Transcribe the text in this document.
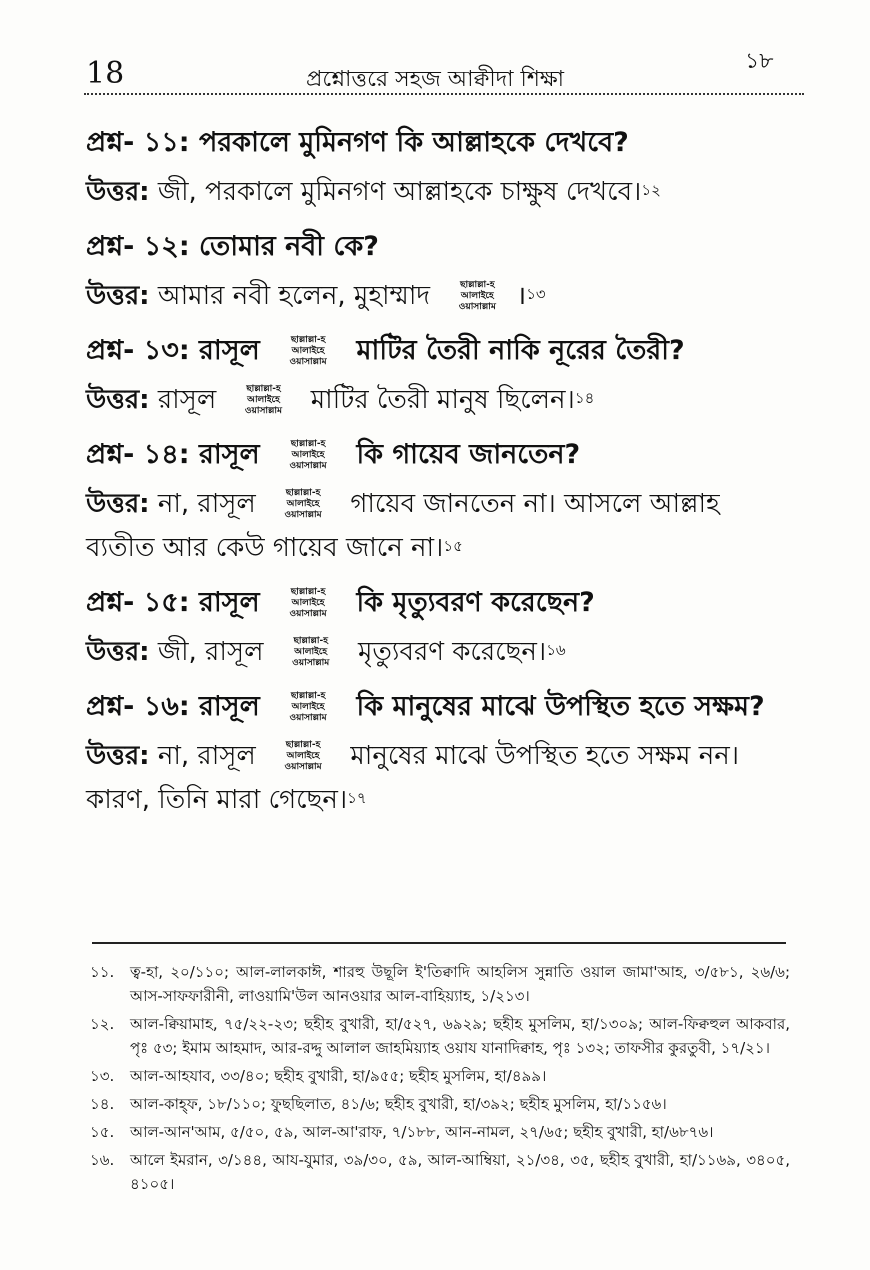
18	প্রশ্নোত্তরে সহজ আক্বীদা শিক্ষা
১৮

প্রশ্ন- ১১: পরকালে মুমিনগণ কি আল্লাহকে দেখবে?

উত্তর: জী, পরকালে মুমিনগণ আল্লাহকে চাক্ষুষ দেখবে।$^{১২}$

প্রশ্ন- ১২: তোমার নবী কে?

উত্তর: আমার নবী হলেন, মুহাম্মাদ	ছাল্লাল্লা-হ
আলাইহে
ওয়াসাল্লাম ।$^{১৩}$

প্রশ্ন- ১৩: রাসূল	ছাল্লাল্লা-হ
আলাইহে
ওয়াসাল্লাম মাটির তৈরী নাকি নূরের তৈরী?

উত্তর: রাসূল	ছাল্লাল্লা-হ
আলাইহে
ওয়াসাল্লাম মাটির তৈরী মানুষ ছিলেন।$^{১৪}$

প্রশ্ন- ১৪: রাসূল	ছাল্লাল্লা-হ
আলাইহে
ওয়াসাল্লাম কি গায়েব জানতেন?

উত্তর: না, রাসূল	ছাল্লাল্লা-হ
আলাইহে
ওয়াসাল্লাম গায়েব জানতেন না। আসলে আল্লাহ ব্যতীত আর কেউ গায়েব জানে না।$^{১৫}$

প্রশ্ন- ১৫: রাসূল	ছাল্লাল্লা-হ
আলাইহে
ওয়াসাল্লাম কি মৃত্যুবরণ করেছেন?

উত্তর: জী, রাসূল	ছাল্লাল্লা-হ
আলাইহে
ওয়াসাল্লাম মৃত্যুবরণ করেছেন।$^{১৬}$

প্রশ্ন- ১৬: রাসূল	ছাল্লাল্লা-হ
আলাইহে
ওয়াসাল্লাম কি মানুষের মাঝে উপস্থিত হতে সক্ষম?

উত্তর: না, রাসূল	ছাল্লাল্লা-হ
আলাইহে
ওয়াসাল্লাম মানুষের মাঝে উপস্থিত হতে সক্ষম নন। কারণ, তিনি মারা গেছেন।$^{১৭}$

১১.	ত্ব-হা, ২০/১১০; আল-লালকাঈ, শারহু উছূলি ই'তিক্বাদি আহলিস সুন্নাতি ওয়াল জামা'আহ, ৩/৫৮১, ২৬/৬; আস-সাফফারীনী, লাওয়ামি'উল আনওয়ার আল-বাহিয়্যাহ, ১/২১৩।
১২.	আল-ক্বিয়ামাহ, ৭৫/২২-২৩; ছহীহ বুখারী, হা/৫২৭, ৬৯২৯; ছহীহ মুসলিম, হা/১৩০৯; আল-ফিক্বহুল আকবার, পৃঃ ৫৩; ইমাম আহমাদ, আর-রদ্দু আলাল জাহমিয়্যাহ ওয়ায যানাদিক্বাহ, পৃঃ ১৩২; তাফসীর কুরতুবী, ১৭/২১।
১৩.	আল-আহযাব, ৩৩/৪০; ছহীহ বুখারী, হা/৯৫৫; ছহীহ মুসলিম, হা/৪৯৯।
১৪.	আল-কাহ্‌ফ, ১৮/১১০; ফুছছিলাত, ৪১/৬; ছহীহ বুখারী, হা/৩৯২; ছহীহ মুসলিম, হা/১১৫৬।
১৫.	আল-আন'আম, ৫/৫০, ৫৯, আল-আ'রাফ, ৭/১৮৮, আন-নামল, ২৭/৬৫; ছহীহ বুখারী, হা/৬৮৭৬।
১৬.	আলে ইমরান, ৩/১৪৪, আয-যুমার, ৩৯/৩০, ৫৯, আল-আম্বিয়া, ২১/৩৪, ৩৫, ছহীহ বুখারী, হা/১১৬৯, ৩৪০৫, ৪১০৫।
